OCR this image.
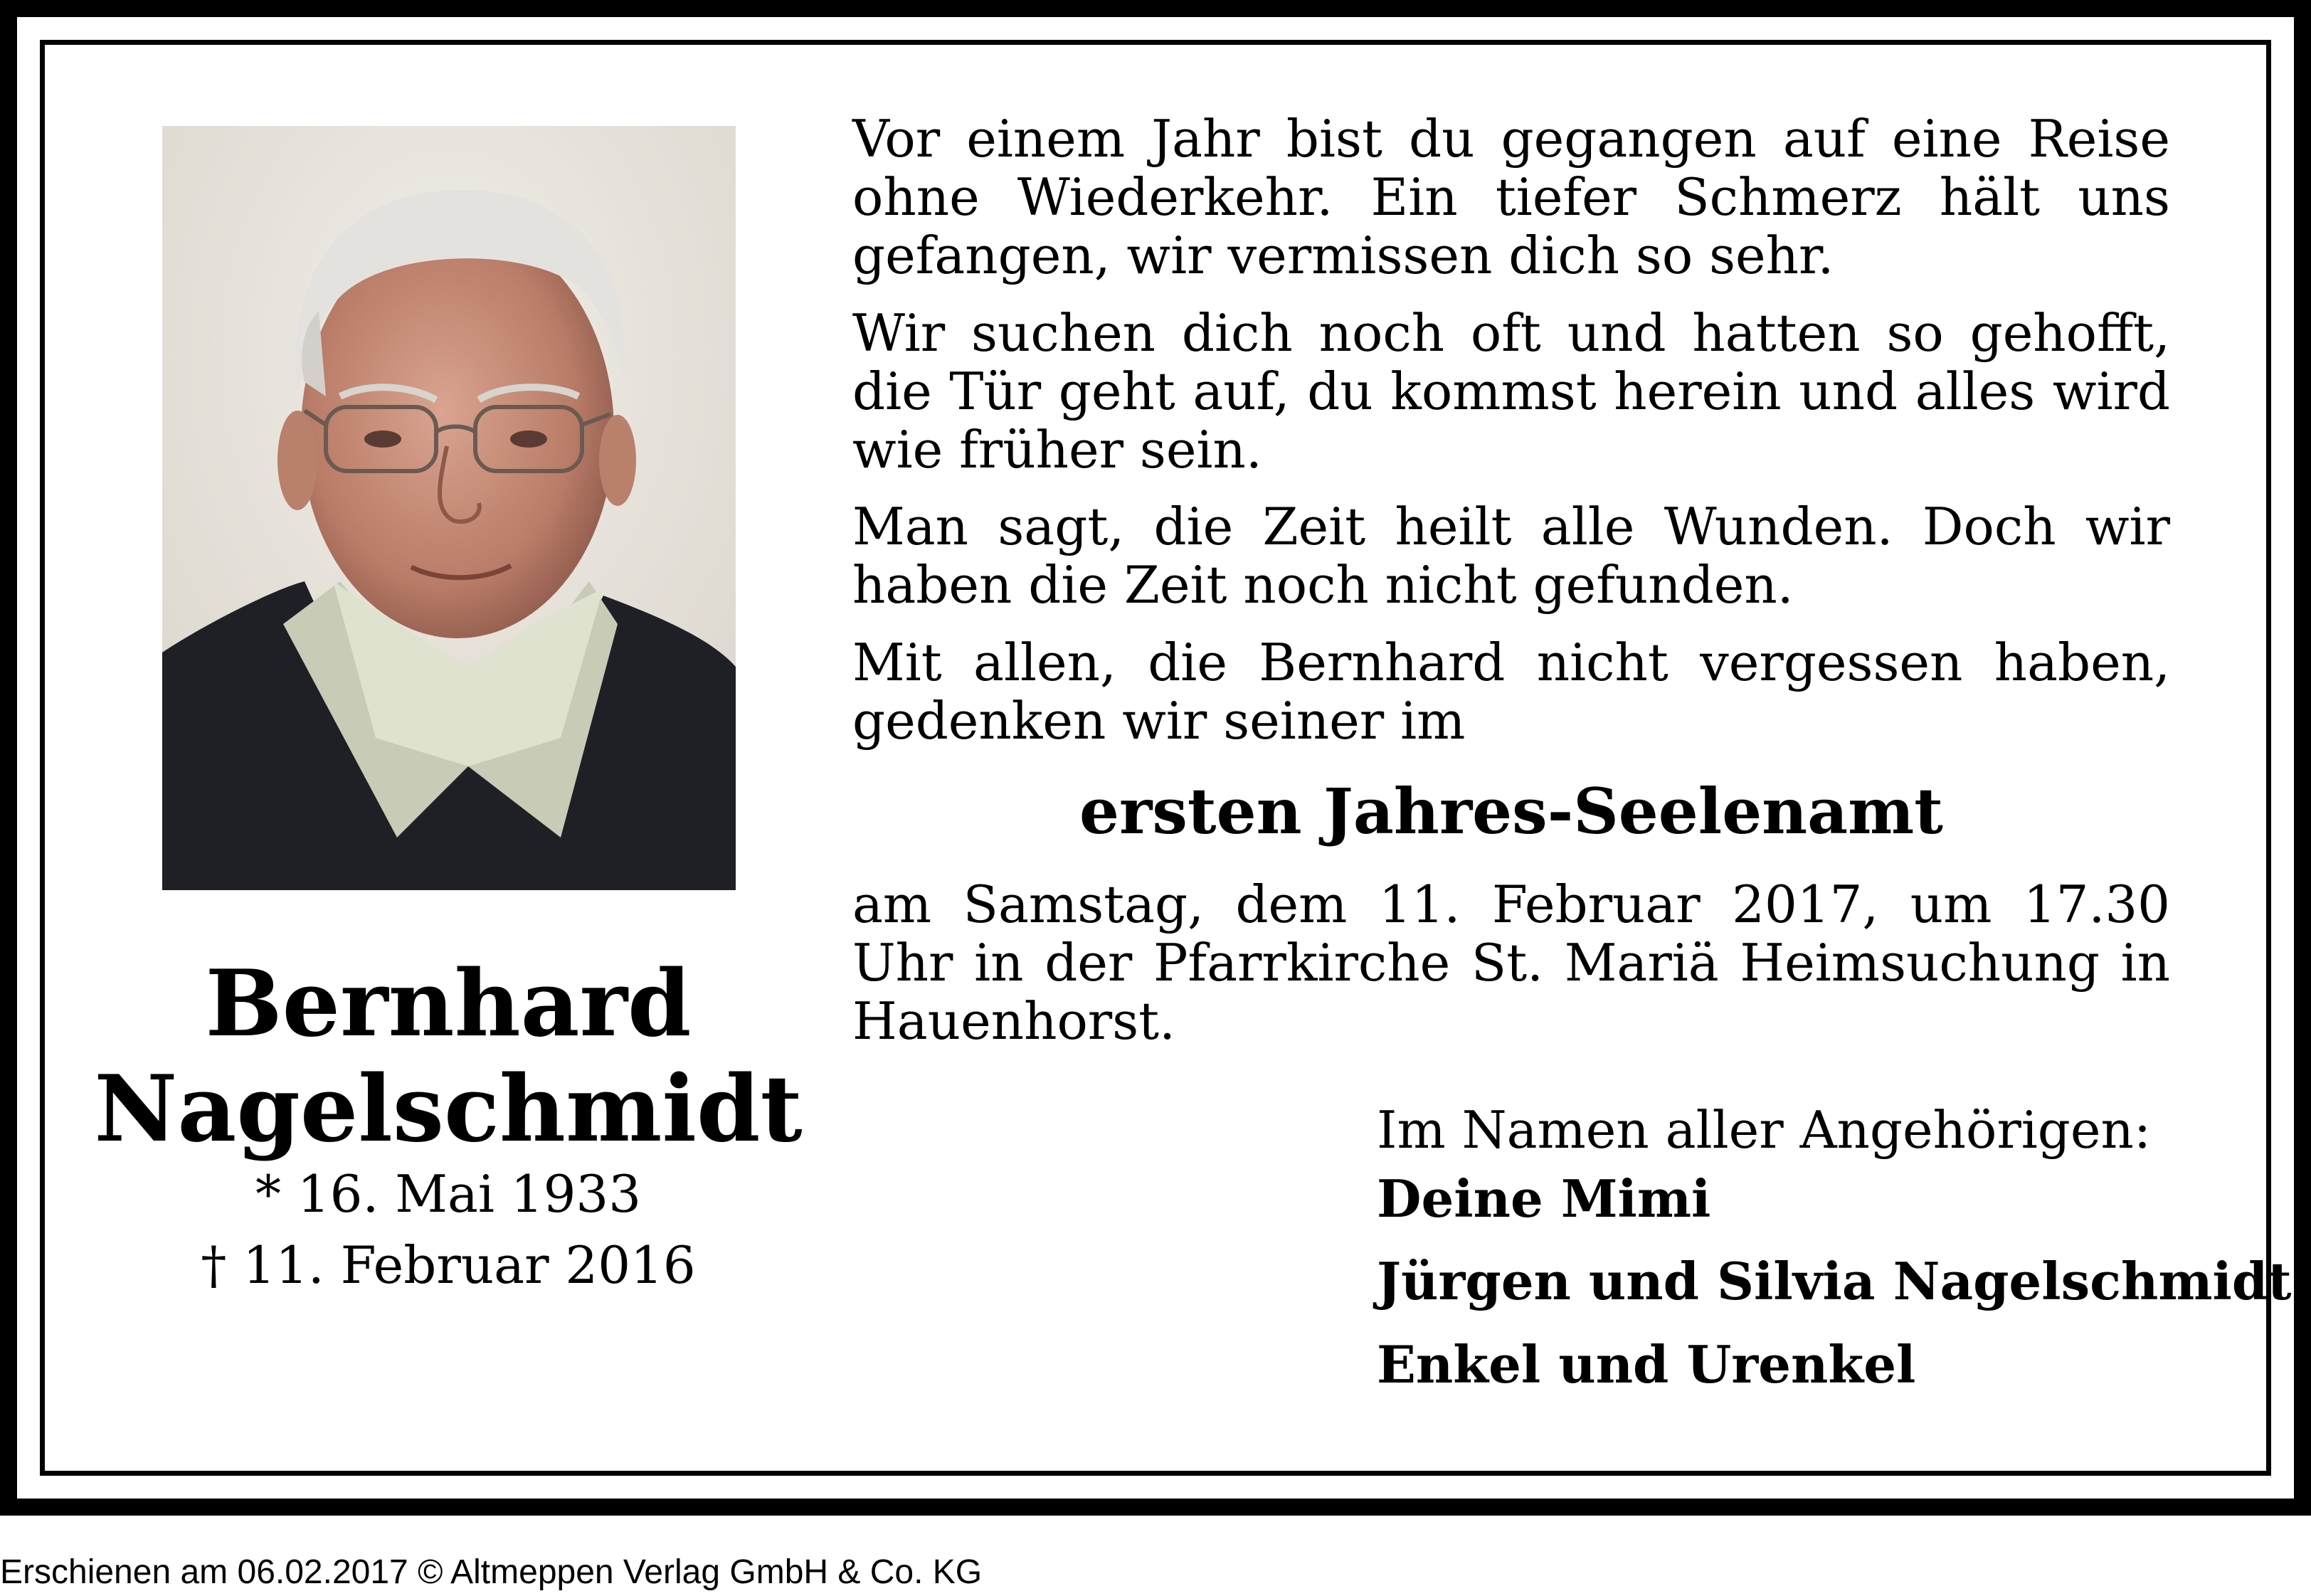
Bernhard
Nagelschmidt
* 16. Mai 1933
† 11. Februar 2016

Vor einem Jahr bist du gegangen auf eine Reise ohne Wiederkehr. Ein tiefer Schmerz hält uns gefangen, wir vermissen dich so sehr.

Wir suchen dich noch oft und hatten so gehofft, die Tür geht auf, du kommst herein und alles wird wie früher sein.

Man sagt, die Zeit heilt alle Wunden. Doch wir haben die Zeit noch nicht gefunden.

Mit allen, die Bernhard nicht vergessen haben, gedenken wir seiner im

ersten Jahres-Seelenamt

am Samstag, dem 11. Februar 2017, um 17.30 Uhr in der Pfarrkirche St. Mariä Heimsuchung in Hauenhorst.

Im Namen aller Angehörigen:
Deine Mimi
Jürgen und Silvia Nagelschmidt
Enkel und Urenkel
Erschienen am 06.02.2017 © Altmeppen Verlag GmbH & Co. KG
